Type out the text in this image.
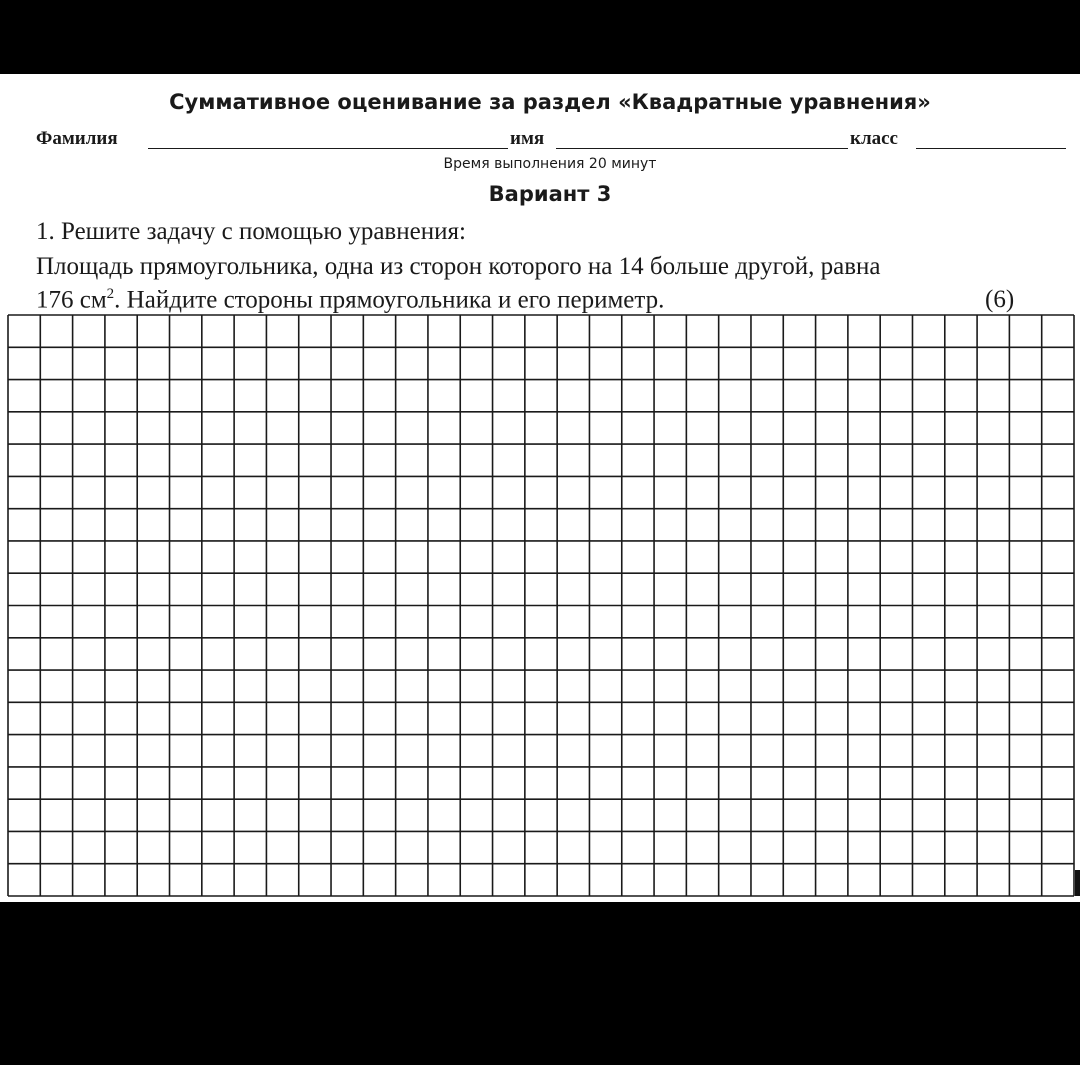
Суммативное оценивание за раздел «Квадратные уравнения»
Фамилия	имя	класс
Время выполнения 20 минут
Вариант 3
1. Решите задачу с помощью уравнения:
Площадь прямоугольника, одна из сторон которого на 14 больше другой, равна
176 $см^2$. Найдите стороны прямоугольника и его периметр.	(6)
